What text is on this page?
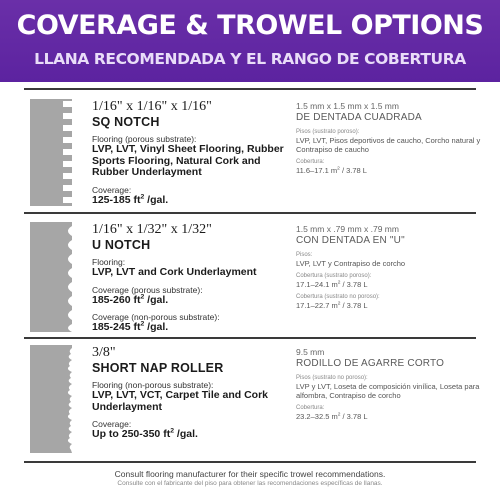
COVERAGE & TROWEL OPTIONS
LLANA RECOMENDADA Y EL RANGO DE COBERTURA
1/16" x 1/16" x 1/16"
SQ NOTCH
Flooring (porous substrate):
LVP, LVT, Vinyl Sheet Flooring, Rubber Sports Flooring, Natural Cork and Rubber Underlayment
Coverage:
125-185 $ft^2$ /gal.
1.5 mm x 1.5 mm x 1.5 mm
DE DENTADA CUADRADA
Pisos (sustrato poroso):
LVP, LVT, Pisos deportivos de caucho, Corcho natural y Contrapiso de caucho
Cobertura:
11.6–17.1 $m^2 / 3.78$ L
1/16" x 1/32" x 1/32"
U NOTCH
Flooring:
LVP, LVT and Cork Underlayment
Coverage (porous substrate):
185-260 $ft^2$ /gal.
Coverage (non-porous substrate):
185-245 $ft^2$ /gal.
1.5 mm x .79 mm x .79 mm
CON DENTADA EN "U"
Pisos:
LVP, LVT y Contrapiso de corcho
Cobertura (sustrato poroso):
17.1–24.1 $m^2 / 3.78$ L
Cobertura (sustrato no poroso):
17.1–22.7 $m^2 / 3.78$ L
3/8"
SHORT NAP ROLLER
Flooring (non-porous substrate):
LVP, LVT, VCT, Carpet Tile and Cork Underlayment
Coverage:
Up to 250-350 $ft^2$ /gal.
9.5 mm
RODILLO DE AGARRE CORTO
Pisos (sustrato no poroso):
LVP y LVT, Loseta de composición vinílica, Loseta para alfombra, Contrapiso de corcho
Cobertura:
23.2–32.5 $m^2 / 3.78$ L
Consult flooring manufacturer for their specific trowel recommendations.
Consulte con el fabricante del piso para obtener las recomendaciones específicas de llanas.
